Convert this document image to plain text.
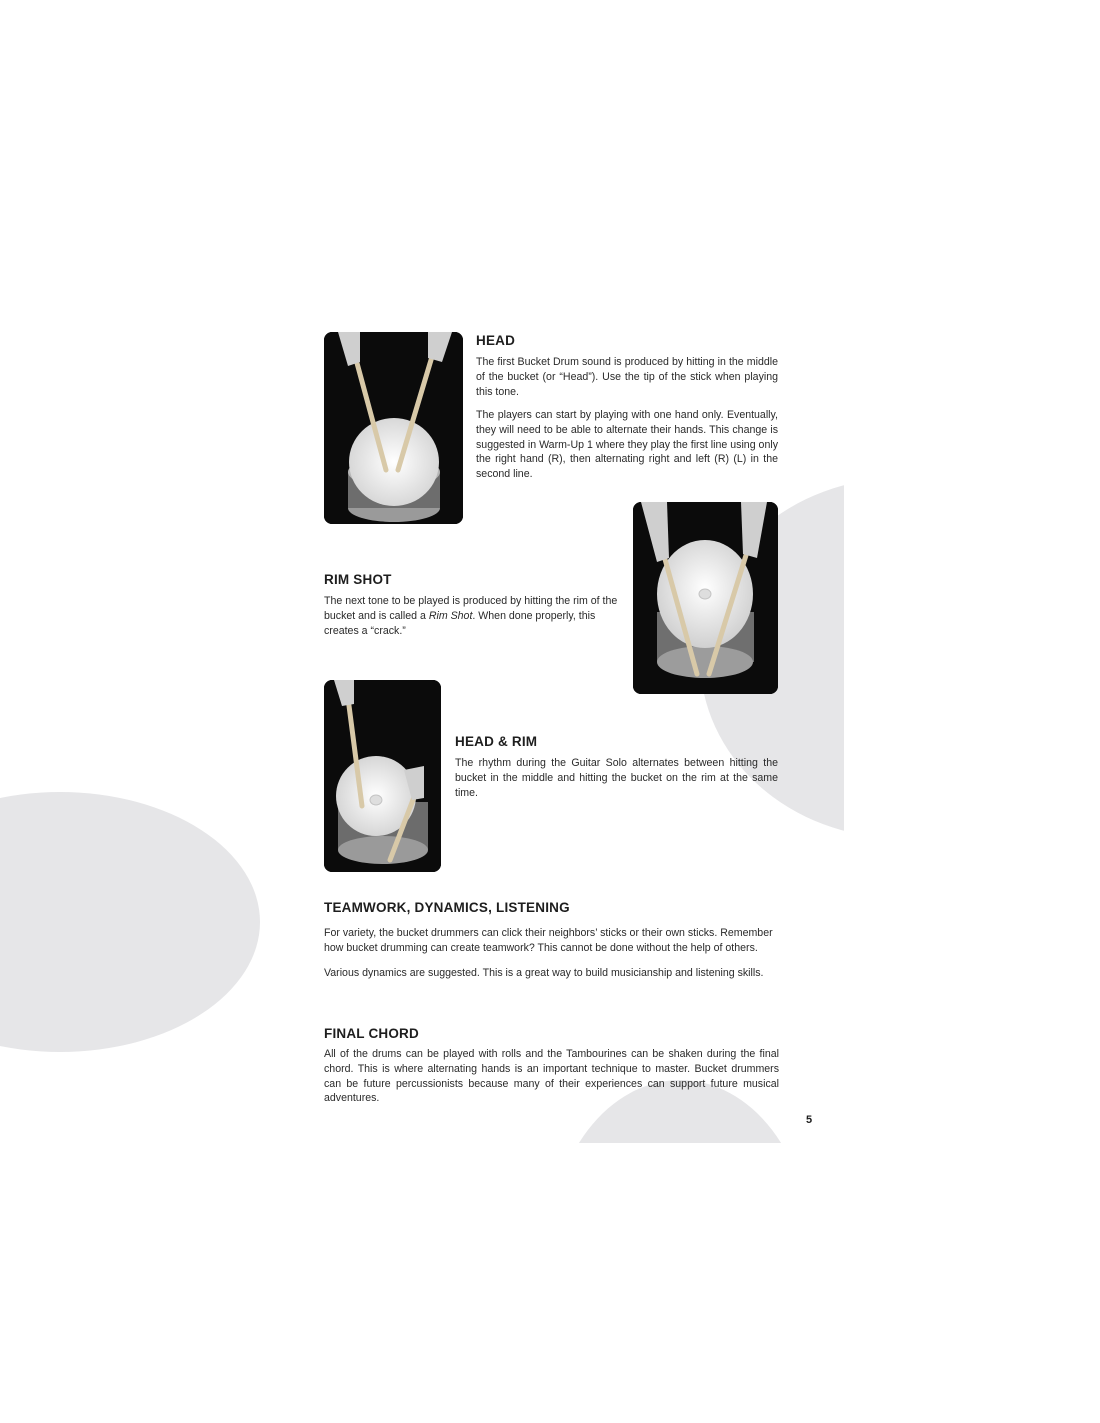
HEAD

The first Bucket Drum sound is produced by hitting in the middle of the bucket (or “Head”). Use the tip of the stick when playing this tone.

The players can start by playing with one hand only. Eventually, they will need to be able to alternate their hands. This change is suggested in Warm-Up 1 where they play the first line using only the right hand (R), then alternating right and left (R) (L) in the second line.

RIM SHOT

The next tone to be played is produced by hitting the rim of the bucket and is called a Rim Shot. When done properly, this creates a “crack.”

HEAD & RIM

The rhythm during the Guitar Solo alternates between hitting the bucket in the middle and hitting the bucket on the rim at the same time.

TEAMWORK, DYNAMICS, LISTENING

For variety, the bucket drummers can click their neighbors’ sticks or their own sticks. Remember how bucket drumming can create teamwork? This cannot be done without the help of others.

Various dynamics are suggested. This is a great way to build musicianship and listening skills.

FINAL CHORD

All of the drums can be played with rolls and the Tambourines can be shaken during the final chord. This is where alternating hands is an important technique to master. Bucket drummers can be future percussionists because many of their experiences can support future musical adventures.

5
